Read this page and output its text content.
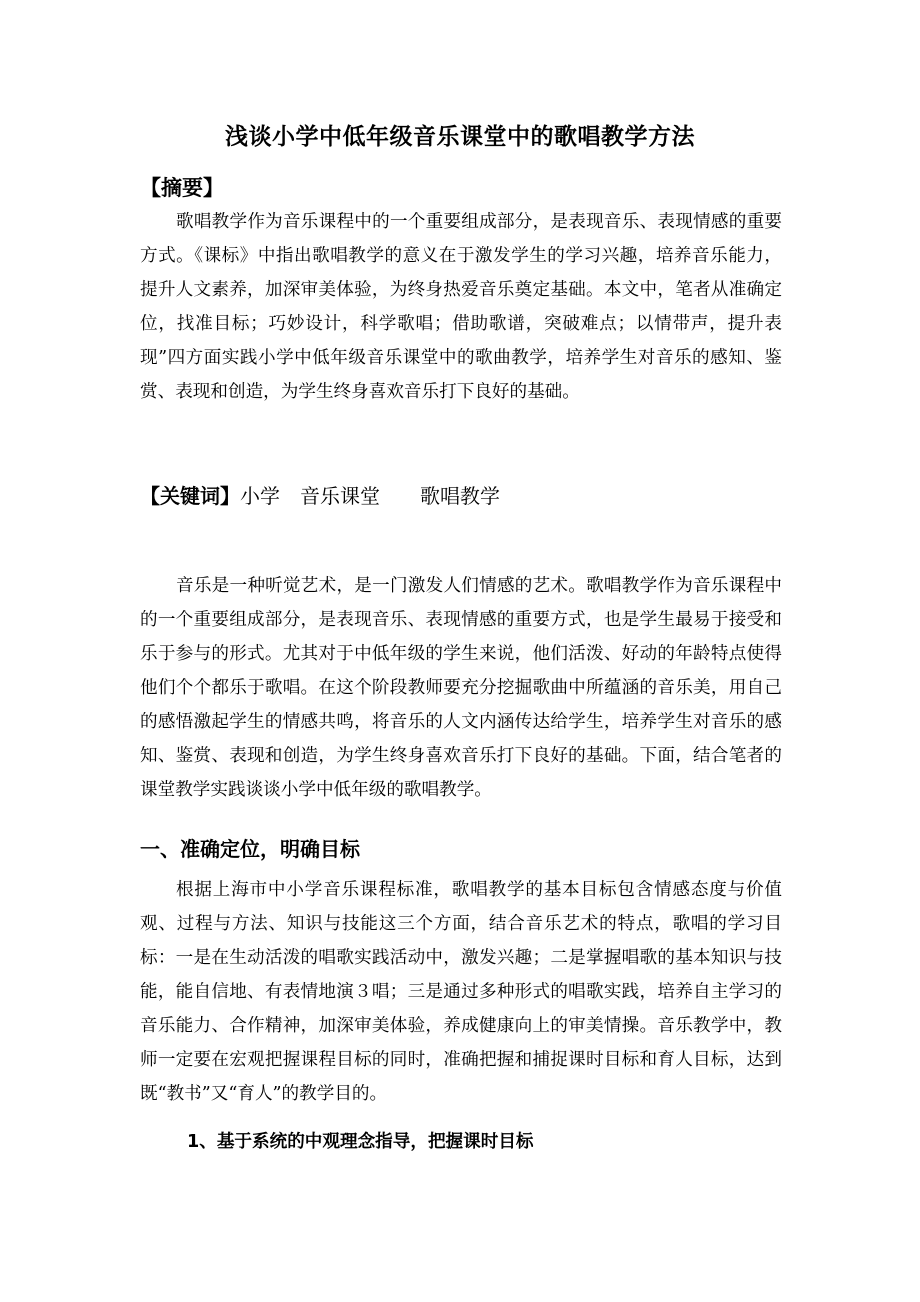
浅谈小学中低年级音乐课堂中的歌唱教学方法
【摘要】

歌唱教学作为音乐课程中的一个重要组成部分，是表现音乐、表现情感的重要方式。《课标》中指出歌唱教学的意义在于激发学生的学习兴趣，培养音乐能力，提升人文素养，加深审美体验，为终身热爱音乐奠定基础。本文中，笔者从准确定位，找准目标；巧妙设计，科学歌唱；借助歌谱，突破难点；以情带声，提升表现”四方面实践小学中低年级音乐课堂中的歌曲教学，培养学生对音乐的感知、鉴赏、表现和创造，为学生终身喜欢音乐打下良好的基础。

【关键词】小学　音乐课堂　　歌唱教学

音乐是一种听觉艺术，是一门激发人们情感的艺术。歌唱教学作为音乐课程中的一个重要组成部分，是表现音乐、表现情感的重要方式，也是学生最易于接受和乐于参与的形式。尤其对于中低年级的学生来说，他们活泼、好动的年龄特点使得他们个个都乐于歌唱。在这个阶段教师要充分挖掘歌曲中所蕴涵的音乐美，用自己的感悟激起学生的情感共鸣，将音乐的人文内涵传达给学生，培养学生对音乐的感知、鉴赏、表现和创造，为学生终身喜欢音乐打下良好的基础。下面，结合笔者的课堂教学实践谈谈小学中低年级的歌唱教学。

一、准确定位，明确目标

根据上海市中小学音乐课程标准，歌唱教学的基本目标包含情感态度与价值观、过程与方法、知识与技能这三个方面，结合音乐艺术的特点，歌唱的学习目标：一是在生动活泼的唱歌实践活动中，激发兴趣；二是掌握唱歌的基本知识与技能，能自信地、有表情地演３唱；三是通过多种形式的唱歌实践，培养自主学习的音乐能力、合作精神，加深审美体验，养成健康向上的审美情操。音乐教学中，教师一定要在宏观把握课程目标的同时，准确把握和捕捉课时目标和育人目标，达到既“教书”又“育人”的教学目的。

1、基于系统的中观理念指导，把握课时目标
